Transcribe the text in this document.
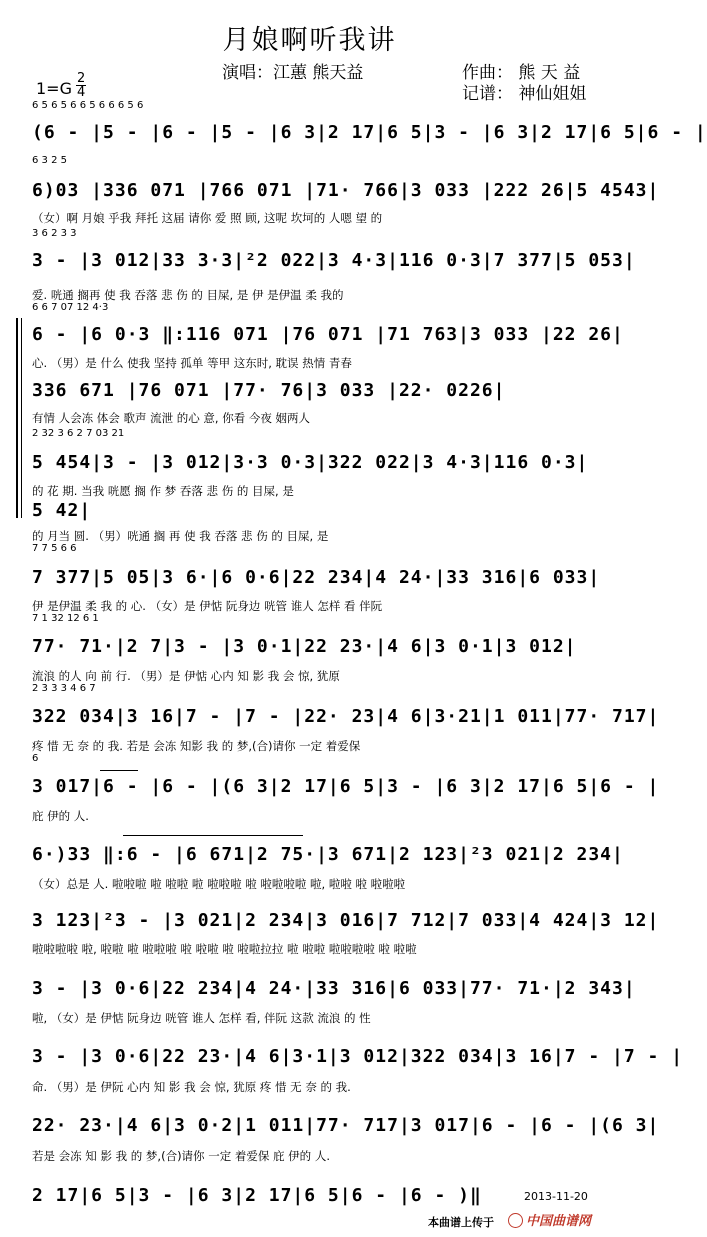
月娘啊听我讲
演唱：江蕙 熊天益	作曲： 熊 天 益
记谱： 神仙姐姐
$1=G \frac{2}{4}$
6 5 6 5 6 6 5 6 6 6 5 6
(6 - |5 - |6 - |5 - |6 3|2 17|6 5|3 - |6 3|2 17|6 5|6 - |
6 3 2 5
6)03 |336 071 |766 071 |71· 766|3 033 |222 26|5 4543|
（女）啊 月娘 乎我 拜托 这届 请你 爱 照 顾, 这呢 坎坷的 人嗯 望 的
3 6 2 3 3
3 - |3 012|33 3·3|²2 022|3 4·3|116 0·3|7 377|5 053|
爱. 咣通 搁再 使 我 吞落 悲 伤 的 目屎, 是 伊 是伊温 柔 我的
6 6 7 07 12 4·3
6 - |6 0·3 ‖:116 071 |76 071 |71 763|3 033 |22 26|
心. （男）是 什么 使我 坚持 孤单 等甲 这东时, 耽误 热情 青春
336 671 |76 071 |77· 76|3 033 |22· 0226|
有情 人会冻 体会 歌声 流泄 的心 意, 你看 今夜 姻两人
2 32 3 6 2 7 03 21
5 454|3 - |3 012|3·3 0·3|322 022|3 4·3|116 0·3|
的 花 期. 当我 咣愿 搁 作 梦 吞落 悲 伤 的 目屎, 是
5 42|
的 月当 圆. （男）咣通 搁 再 使 我 吞落 悲 伤 的 目屎, 是
7 7 5 6 6
7 377|5 05|3 6·|6 0·6|22 234|4 24·|33 316|6 033|
伊 是伊温 柔 我 的 心. （女）是 伊惦 阮身边 咣管 谁人 怎样 看 伴阮
7 1 32 12 6 1
77· 71·|2 7|3 - |3 0·1|22 23·|4 6|3 0·1|3 012|
流浪 的人 向 前 行. （男）是 伊惦 心内 知 影 我 会 惊, 犹原
2 3 3 3 4 6 7
322 034|3 16|7 - |7 - |22· 23|4 6|3·21|1 011|77· 717|
疼 惜 无 奈 的 我. 若是 会冻 知影 我 的 梦,(合)请你 一定 着爱保
6
3 017|6 - |6 - |(6 3|2 17|6 5|3 - |6 3|2 17|6 5|6 - |
庇 伊的 人.
6·)33 ‖:6 - |6 671|2 75·|3 671|2 123|²3 021|2 234|
（女）总是 人. 啦啦啦 啦 啦啦 啦 啦啦啦 啦 啦啦啦啦 啦, 啦啦 啦 啦啦啦
3 123|²3 - |3 021|2 234|3 016|7 712|7 033|4 424|3 12|
啦啦啦啦 啦, 啦啦 啦 啦啦啦 啦 啦啦 啦 啦啦拉拉 啦 啦啦 啦啦啦啦 啦 啦啦
3 - |3 0·6|22 234|4 24·|33 316|6 033|77· 71·|2 343|
啦, （女）是 伊惦 阮身边 咣管 谁人 怎样 看, 伴阮 这款 流浪 的 性
3 - |3 0·6|22 23·|4 6|3·1|3 012|322 034|3 16|7 - |7 - |
命. （男）是 伊阮 心内 知 影 我 会 惊, 犹原 疼 惜 无 奈 的 我.
22· 23·|4 6|3 0·2|1 011|77· 717|3 017|6 - |6 - |(6 3|
若是 会冻 知 影 我 的 梦,(合)请你 一定 着爱保 庇 伊的 人.
2 17|6 5|3 - |6 3|2 17|6 5|6 - |6 - )‖	2013-11-20
本曲谱上传于	中国曲谱网
